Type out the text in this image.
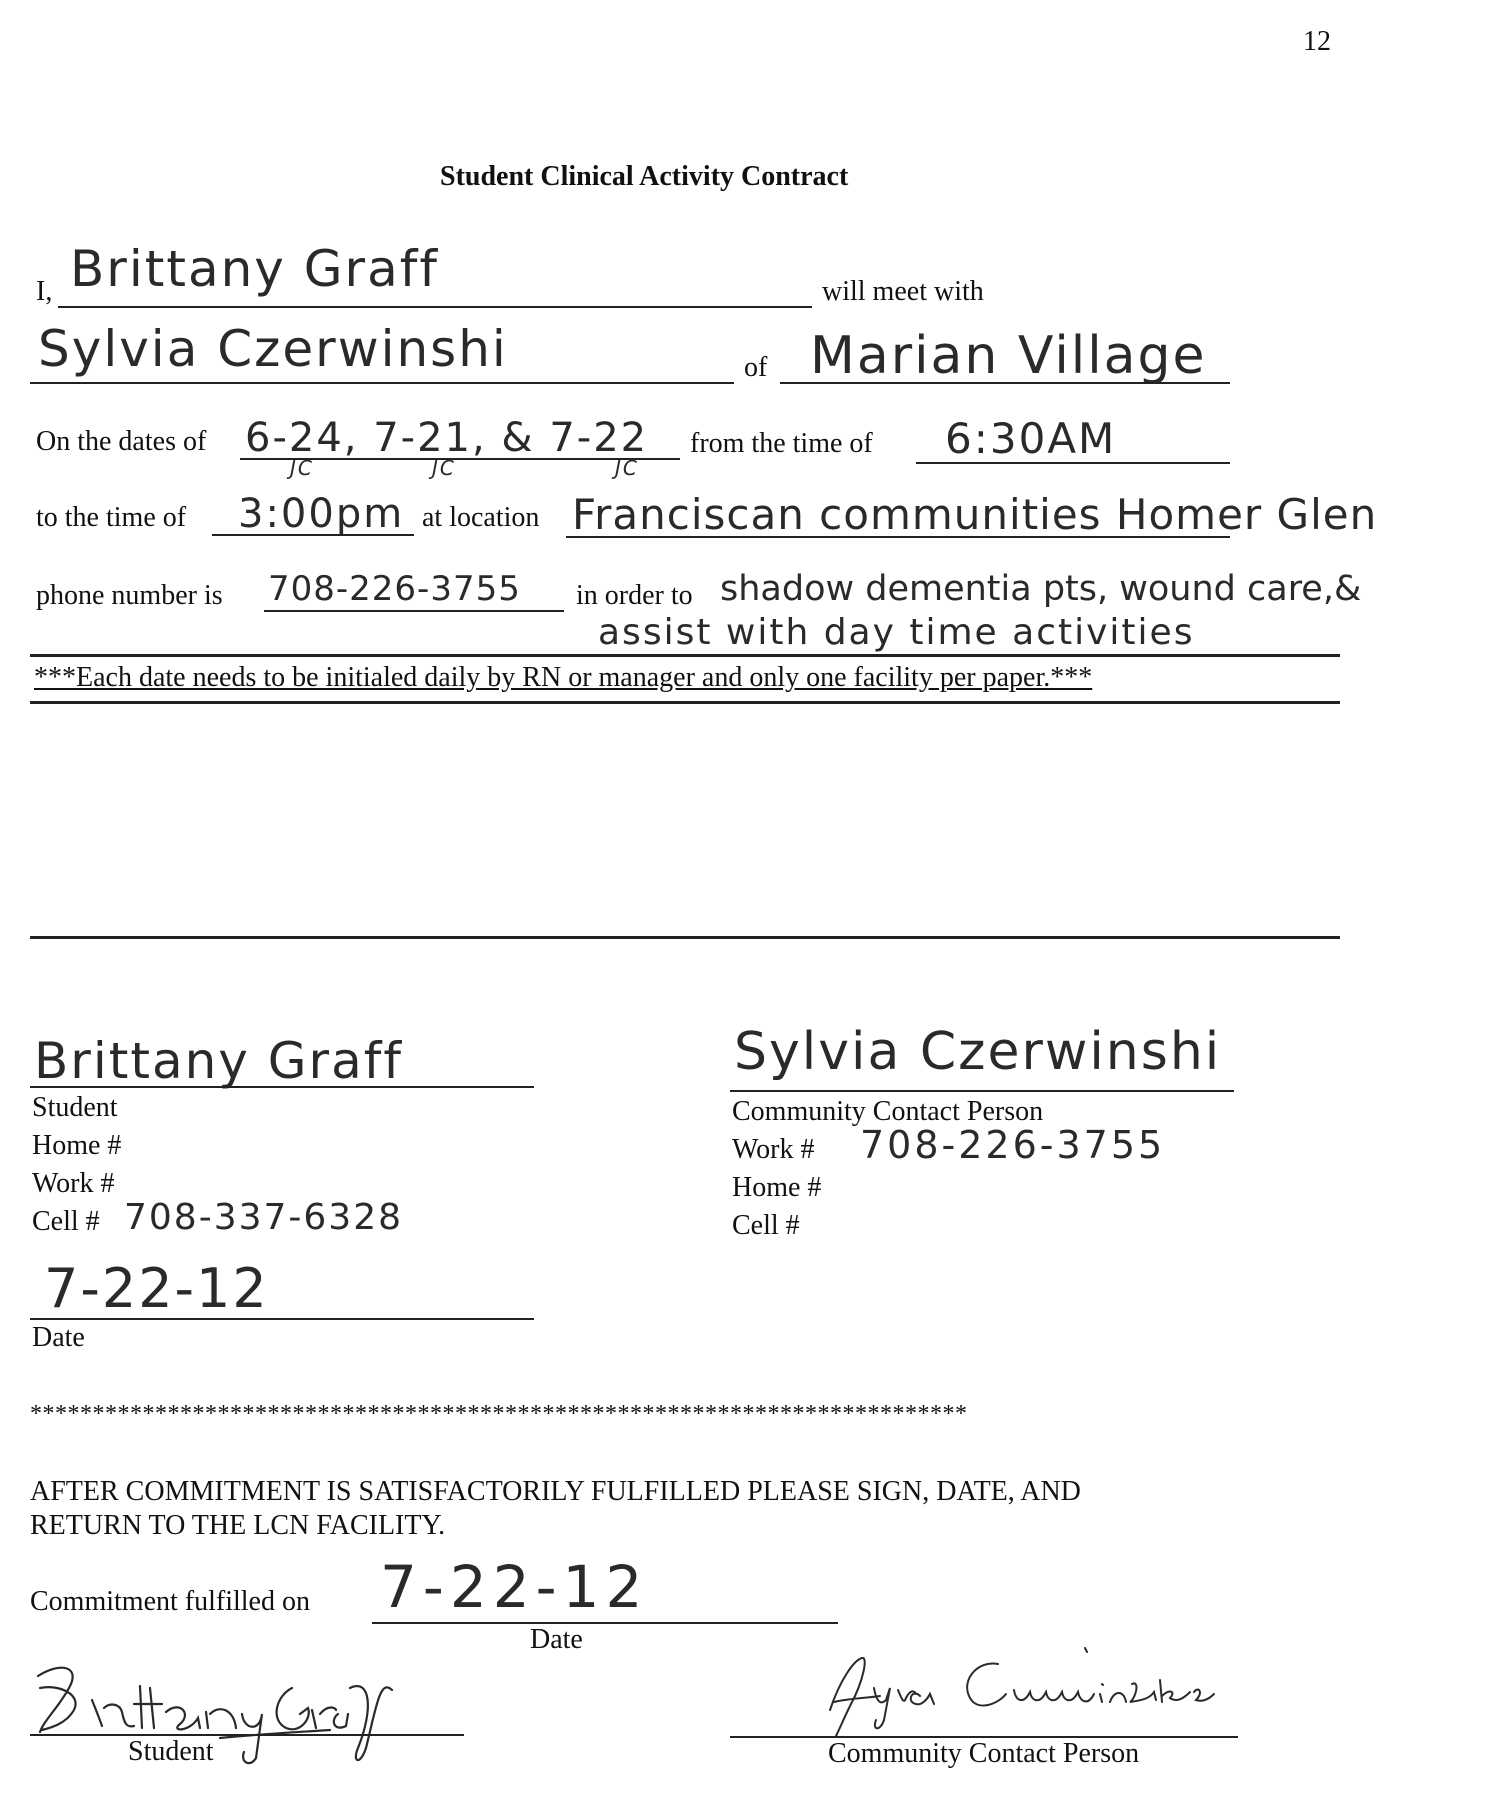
12
Student Clinical Activity Contract
I, Brittany Graff	will meet with
Sylvia Czerwinshi	of Marian Village
On the dates of 6-24, 7-21, & 7-22
JC	JC	JC
from the time of 6:30AM
to the time of 3:00pm at location Franciscan communities Homer Glen
phone number is 708-226-3755 in order to shadow dementia pts, wound care,&
assist with day time activities
***Each date needs to be initialed daily by RN or manager and only one facility per paper.***
Brittany Graff
Student
Home #
Work #
Cell # 708-337-6328
7-22-12
Date
Sylvia Czerwinshi
Community Contact Person
Work # 708-226-3755
Home #
Cell #
***************************************************************************
AFTER COMMITMENT IS SATISFACTORILY FULFILLED PLEASE SIGN, DATE, AND
RETURN TO THE LCN FACILITY.
Commitment fulfilled on 7-22-12
Date
Student	Community Contact Person
